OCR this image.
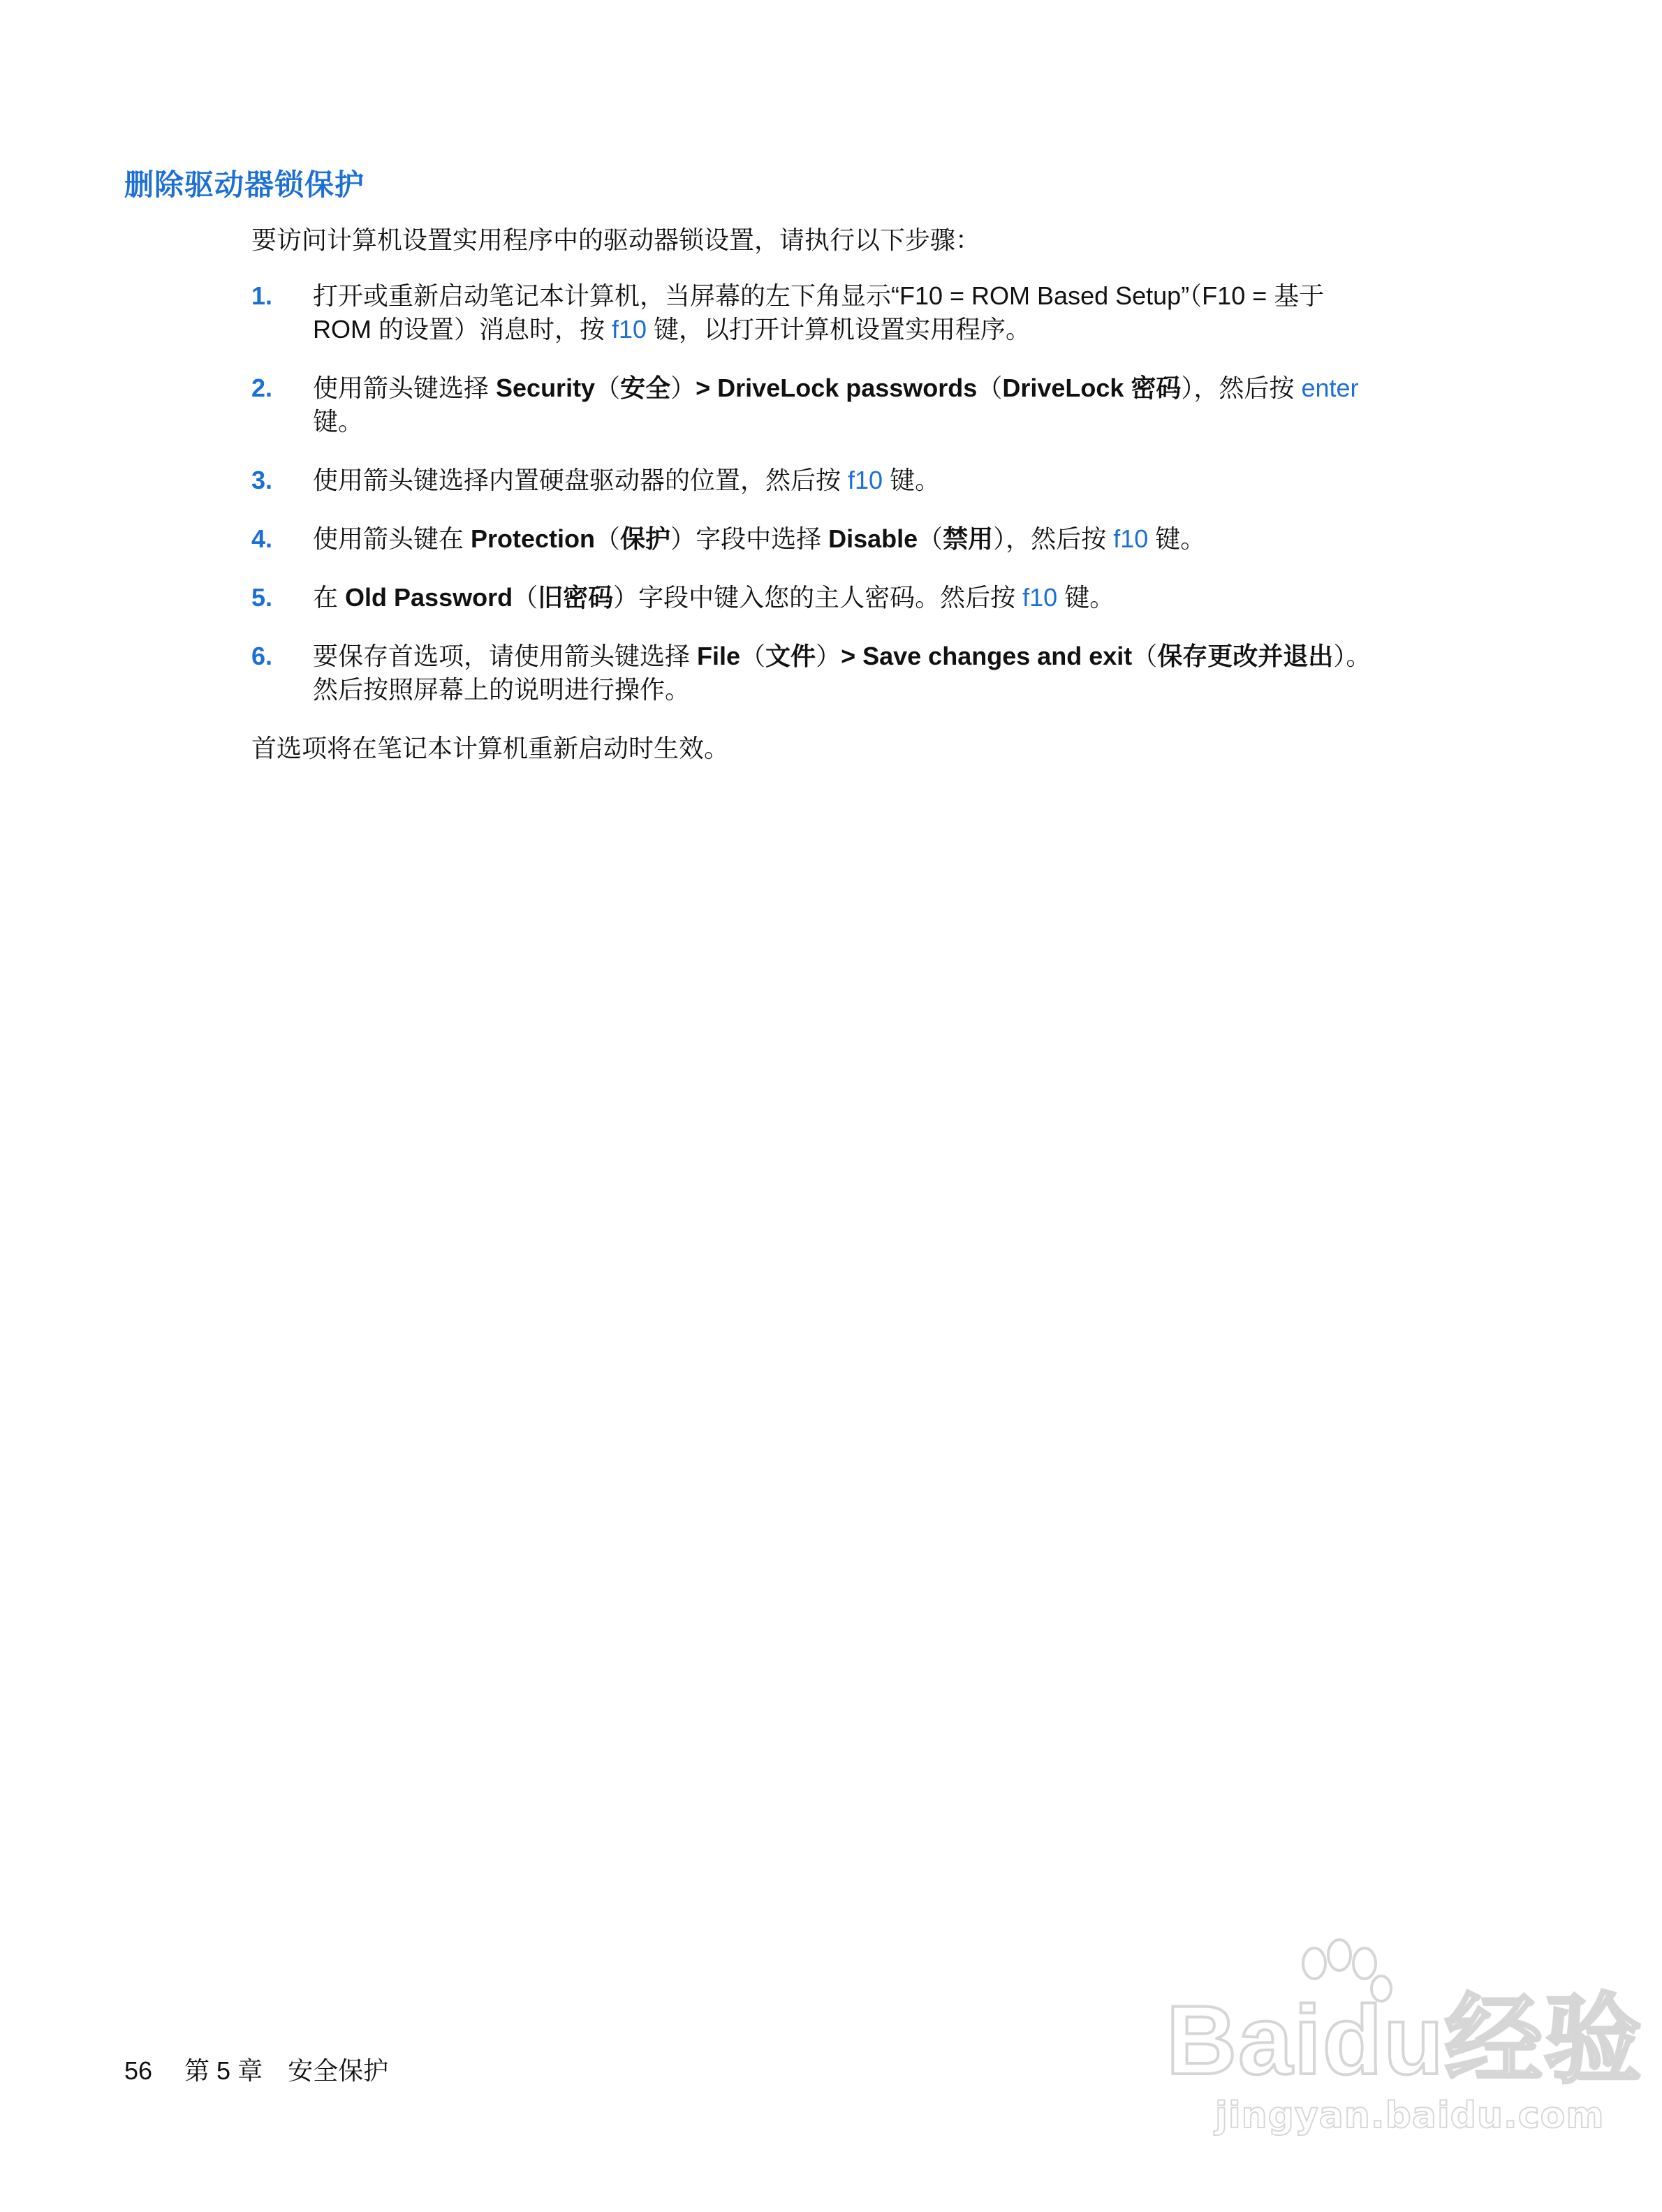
删除驱动器锁保护
要访问计算机设置实用程序中的驱动器锁设置，请执行以下步骤：
1. 打开或重新启动笔记本计算机，当屏幕的左下角显示“F10 = ROM Based Setup”（F10 = 基于
ROM 的设置）消息时，按 f10 键，以打开计算机设置实用程序。
2. 使用箭头键选择 Security（安全）> DriveLock passwords（DriveLock 密码），然后按 enter
键。
3. 使用箭头键选择内置硬盘驱动器的位置，然后按 f10 键。
4. 使用箭头键在 Protection（保护）字段中选择 Disable（禁用），然后按 f10 键。
5. 在 Old Password（旧密码）字段中键入您的主人密码。然后按 f10 键。
6. 要保存首选项，请使用箭头键选择 File（文件）> Save changes and exit（保存更改并退出）。
然后按照屏幕上的说明进行操作。
首选项将在笔记本计算机重新启动时生效。
56 第 5 章 安全保护	Baidu经验
jingyan.baidu.com
